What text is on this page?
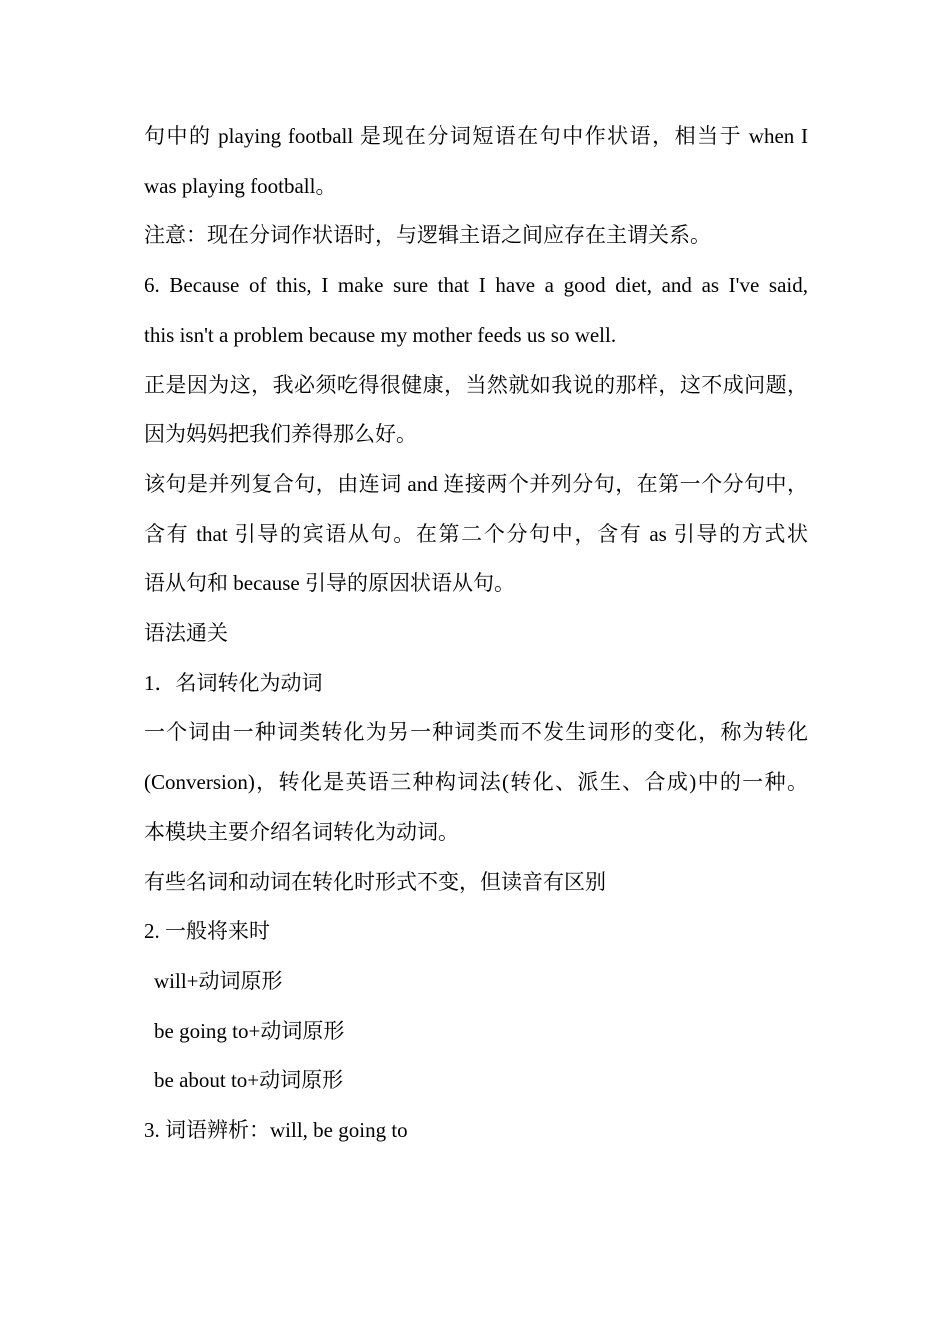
句中的 playing football 是现在分词短语在句中作状语，相当于 when I
was playing football。
注意：现在分词作状语时，与逻辑主语之间应存在主谓关系。
6. Because of this, I make sure that I have a good diet, and as I've said,
this isn't a problem because my mother feeds us so well.
正是因为这，我必须吃得很健康，当然就如我说的那样，这不成问题，
因为妈妈把我们养得那么好。
该句是并列复合句，由连词 and 连接两个并列分句，在第一个分句中，
含有 that 引导的宾语从句。在第二个分句中，含有 as 引导的方式状
语从句和 because 引导的原因状语从句。
语法通关
1．名词转化为动词
一个词由一种词类转化为另一种词类而不发生词形的变化，称为转化
(Conversion)，转化是英语三种构词法(转化、派生、合成)中的一种。
本模块主要介绍名词转化为动词。
有些名词和动词在转化时形式不变，但读音有区别
2. 一般将来时
will+动词原形
be going to+动词原形
be about to+动词原形
3. 词语辨析：will, be going to
